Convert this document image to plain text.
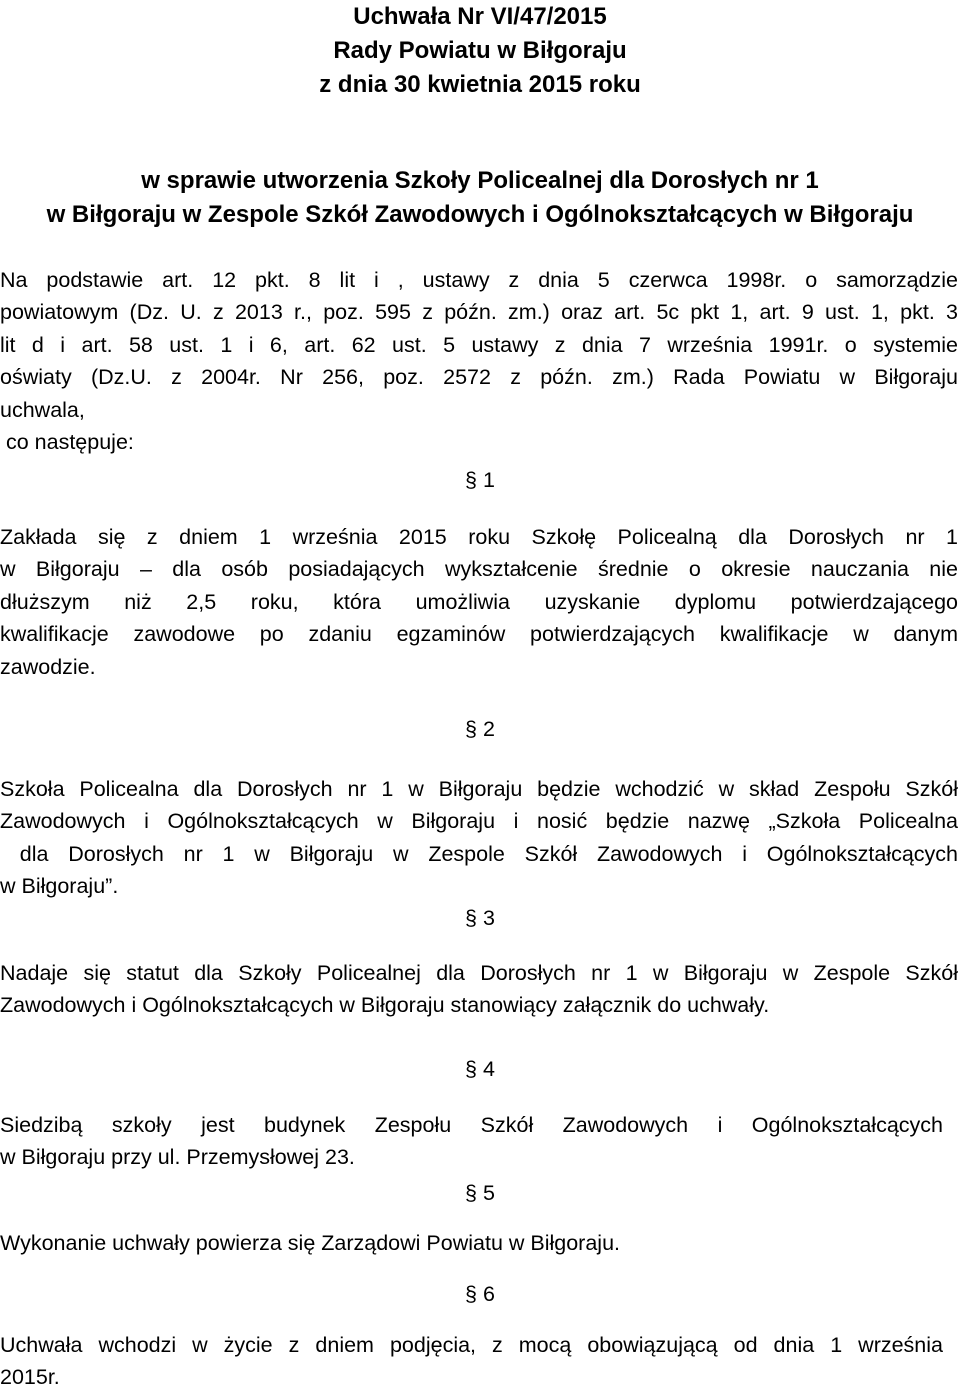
Uchwała Nr VI/47/2015
Rady Powiatu w Biłgoraju
z dnia 30 kwietnia 2015 roku
w sprawie utworzenia Szkoły Policealnej dla Dorosłych nr 1
w Biłgoraju w Zespole Szkół Zawodowych i Ogólnokształcących w Biłgoraju
Na podstawie art. 12 pkt. 8 lit i , ustawy z dnia 5 czerwca 1998r. o samorządzie
powiatowym (Dz. U. z 2013 r., poz. 595 z późn. zm.) oraz art. 5c pkt 1, art. 9 ust. 1, pkt. 3
lit d i art. 58 ust. 1 i 6, art. 62 ust. 5 ustawy z dnia 7 września 1991r. o systemie
oświaty (Dz.U. z 2004r. Nr 256, poz. 2572 z późn. zm.) Rada Powiatu w Biłgoraju
uchwala,
co następuje:
§ 1
Zakłada się z dniem 1 września 2015 roku Szkołę Policealną dla Dorosłych nr 1
w Biłgoraju – dla osób posiadających wykształcenie średnie o okresie nauczania nie
dłuższym niż 2,5 roku, która umożliwia uzyskanie dyplomu potwierdzającego
kwalifikacje zawodowe po zdaniu egzaminów potwierdzających kwalifikacje w danym
zawodzie.
§ 2
Szkoła Policealna dla Dorosłych nr 1 w Biłgoraju będzie wchodzić w skład Zespołu Szkół
Zawodowych i Ogólnokształcących w Biłgoraju i nosić będzie nazwę „Szkoła Policealna
dla Dorosłych nr 1 w Biłgoraju w Zespole Szkół Zawodowych i Ogólnokształcących
w Biłgoraju”.
§ 3
Nadaje się statut dla Szkoły Policealnej dla Dorosłych nr 1 w Biłgoraju w Zespole Szkół
Zawodowych i Ogólnokształcących w Biłgoraju stanowiący załącznik do uchwały.
§ 4
Siedzibą szkoły jest budynek Zespołu Szkół Zawodowych i Ogólnokształcących
w Biłgoraju przy ul. Przemysłowej 23.
§ 5
Wykonanie uchwały powierza się Zarządowi Powiatu w Biłgoraju.
§ 6
Uchwała wchodzi w życie z dniem podjęcia, z mocą obowiązującą od dnia 1 września
2015r.
